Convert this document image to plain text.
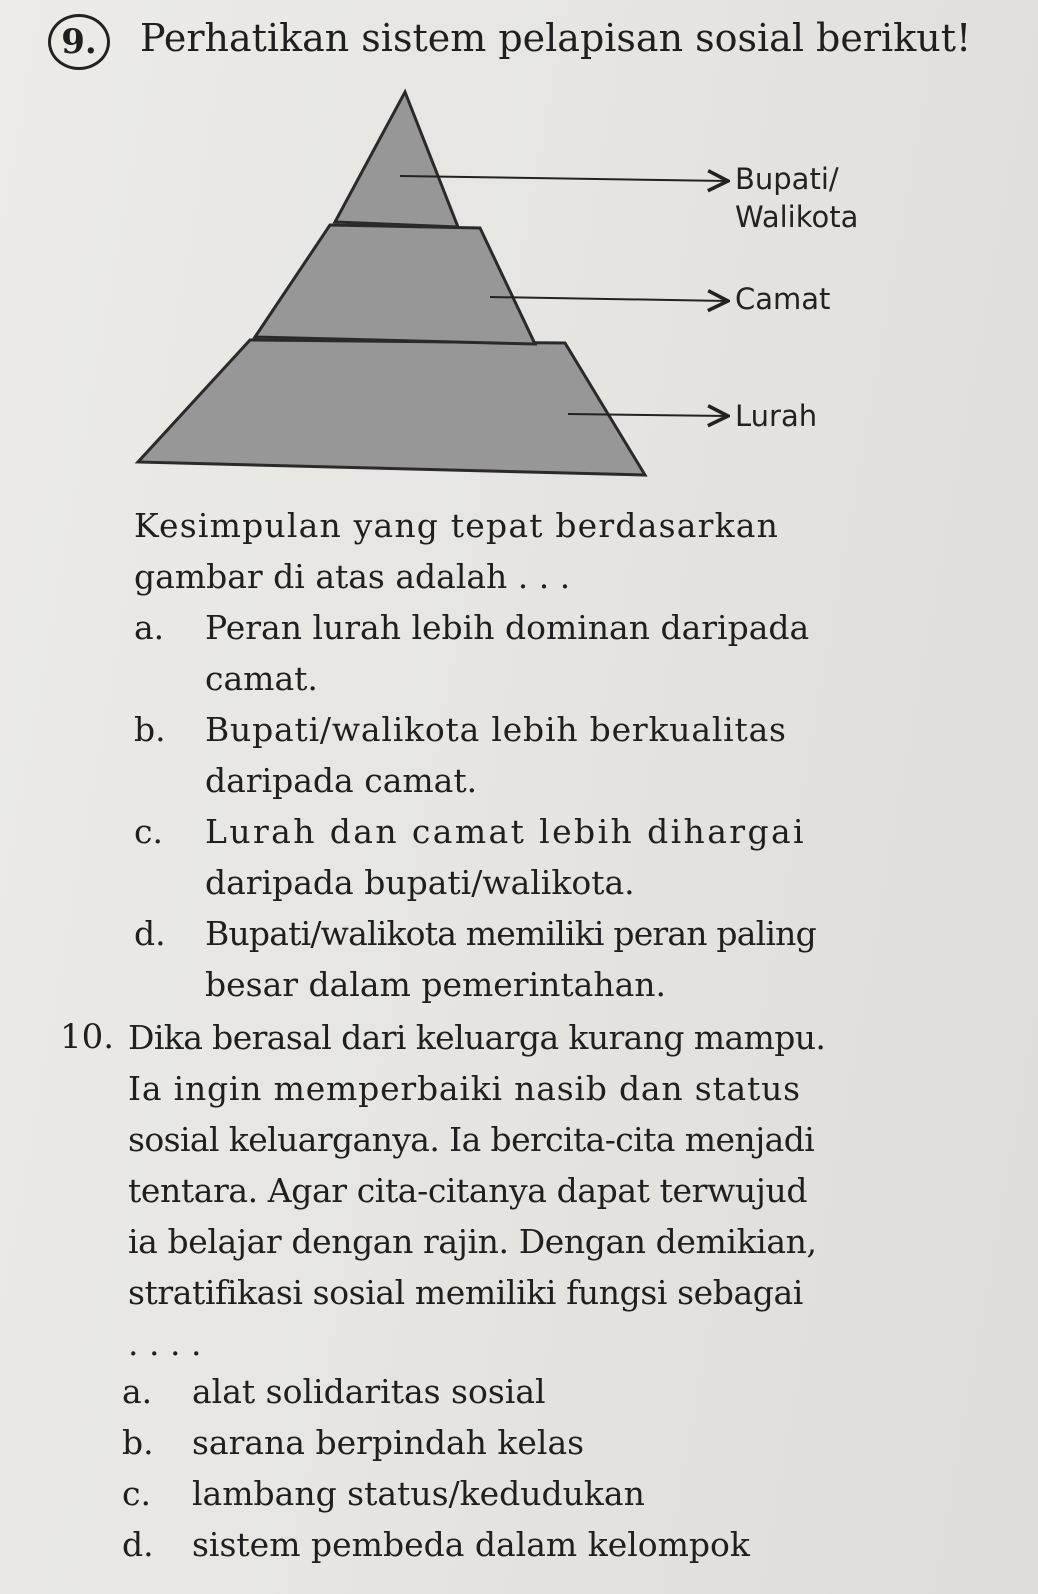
9.	Perhatikan sistem pelapisan sosial berikut!
Bupati/
Walikota
Camat
Lurah
Kesimpulan yang tepat berdasarkan
gambar di atas adalah . . .
a. Peran lurah lebih dominan daripada
camat.
b. Bupati/walikota lebih berkualitas
daripada camat.
c. Lurah dan camat lebih dihargai
daripada bupati/walikota.
d. Bupati/walikota memiliki peran paling
besar dalam pemerintahan.
10. Dika berasal dari keluarga kurang mampu.
Ia ingin memperbaiki nasib dan status
sosial keluarganya. Ia bercita-cita menjadi
tentara. Agar cita-citanya dapat terwujud
ia belajar dengan rajin. Dengan demikian,
stratifikasi sosial memiliki fungsi sebagai
. . . .
a. alat solidaritas sosial
b. sarana berpindah kelas
c. lambang status/kedudukan
d. sistem pembeda dalam kelompok
